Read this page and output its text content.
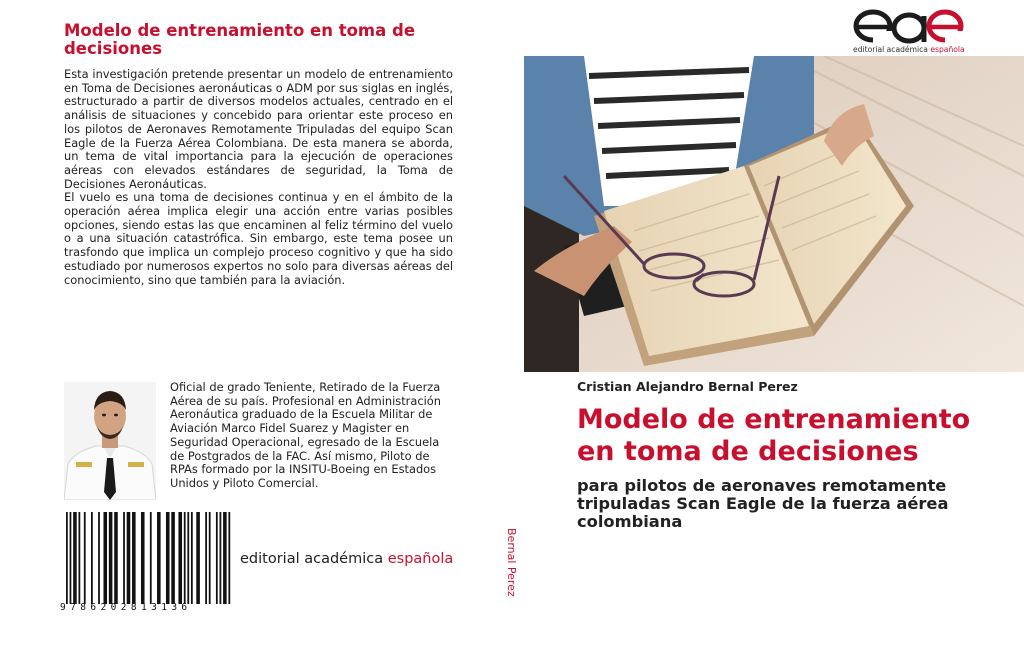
Modelo de entrenamiento en toma de decisiones

Esta investigación pretende presentar un modelo de entrenamiento en Toma de Decisiones aeronáuticas o ADM por sus siglas en inglés, estructurado a partir de diversos modelos actuales, centrado en el análisis de situaciones y concebido para orientar este proceso en los pilotos de Aeronaves Remotamente Tripuladas del equipo Scan Eagle de la Fuerza Aérea Colombiana. De esta manera se aborda, un tema de vital importancia para la ejecución de operaciones aéreas con elevados estándares de seguridad, la Toma de Decisiones Aeronáuticas.

El vuelo es una toma de decisiones continua y en el ámbito de la operación aérea implica elegir una acción entre varias posibles opciones, siendo estas las que encaminen al feliz término del vuelo o a una situación catastrófica. Sin embargo, este tema posee un trasfondo que implica un complejo proceso cognitivo y que ha sido estudiado por numerosos expertos no solo para diversas aéreas del conocimiento, sino que también para la aviación.

Oficial de grado Teniente, Retirado de la Fuerza Aérea de su país. Profesional en Administración Aeronáutica graduado de la Escuela Militar de Aviación Marco Fidel Suarez y Magister en Seguridad Operacional, egresado de la Escuela de Postgrados de la FAC. Así mismo, Piloto de RPAs formado por la INSITU-Boeing en Estados Unidos y Piloto Comercial.
9786202813136
editorial académica española	Bernal Perez
editorial académica española
Cristian Alejandro Bernal Perez
Modelo de entrenamiento en toma de decisiones
para pilotos de aeronaves remotamente tripuladas Scan Eagle de la fuerza aérea colombiana
